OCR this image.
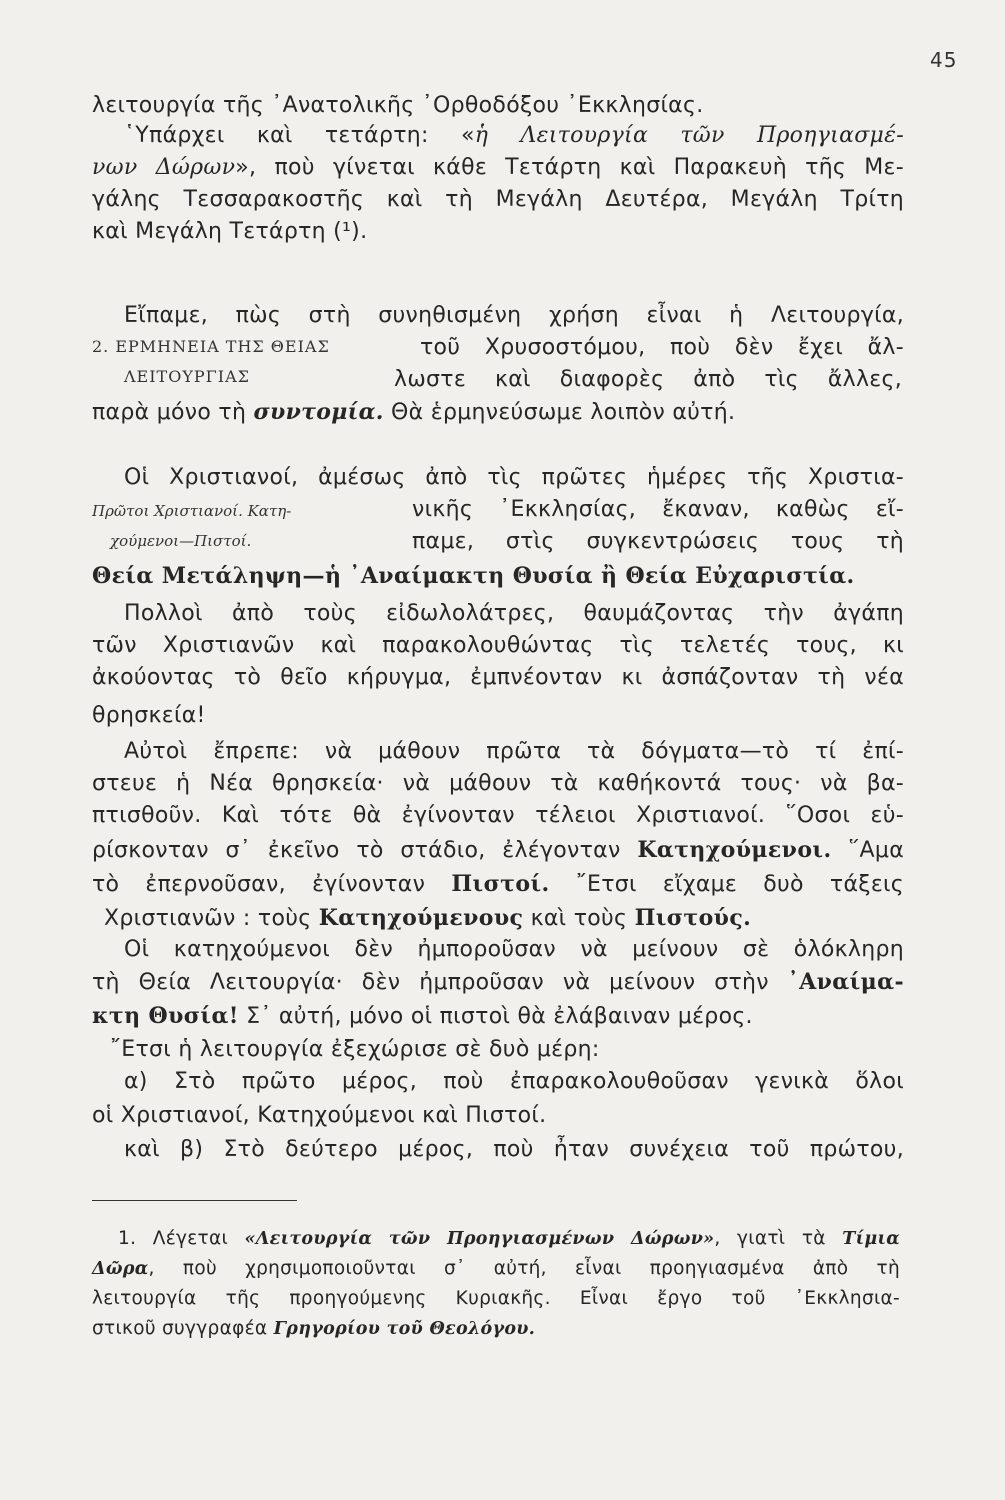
45
λειτουργία τῆς ᾿Ανατολικῆς ᾿Ορθοδόξου ᾿Εκκλησίας.
῾Υπάρχει καὶ τετάρτη: «ἡ Λειτουργία τῶν Προηγιασμέ-
νων Δώρων», ποὺ γίνεται κάθε Τετάρτη καὶ Παρακευὴ τῆς Με-
γάλης Τεσσαρακοστῆς καὶ τὴ Μεγάλη Δευτέρα, Μεγάλη Τρίτη
καὶ Μεγάλη Τετάρτη (¹).
Εἴπαμε, πὼς στὴ συνηθισμένη χρήση εἶναι ἡ Λειτουργία,
2. ΕΡΜΗΝΕΙΑ ΤΗΣ ΘΕΙΑΣ
ΛΕΙΤΟΥΡΓΙΑΣ
τοῦ Χρυσοστόμου, ποὺ δὲν ἔχει ἄλ-
λωστε καὶ διαφορὲς ἀπὸ τὶς ἄλλες,
παρὰ μόνο τὴ συντομία. Θὰ ἑρμηνεύσωμε λοιπὸν αὐτή.
Οἱ Χριστιανοί, ἀμέσως ἀπὸ τὶς πρῶτες ἡμέρες τῆς Χριστια-
Πρῶτοι Χριστιανοί. Κατη-
χούμενοι—Πιστοί.
νικῆς ᾿Εκκλησίας, ἔκαναν, καθὼς εἴ-
παμε, στὶς συγκεντρώσεις τους τὴ
Θεία Μετάληψη—ἡ ᾿Αναίμακτη Θυσία ἢ Θεία Εὐχαριστία.
Πολλοὶ ἀπὸ τοὺς εἰδωλολάτρες, θαυμάζοντας τὴν ἀγάπη
τῶν Χριστιανῶν καὶ παρακολουθώντας τὶς τελετές τους, κι
ἀκούοντας τὸ θεῖο κήρυγμα, ἐμπνέονταν κι ἀσπάζονταν τὴ νέα
θρησκεία!
Αὐτοὶ ἔπρεπε: νὰ μάθουν πρῶτα τὰ δόγματα—τὸ τί ἐπί-
στευε ἡ Νέα θρησκεία· νὰ μάθουν τὰ καθήκοντά τους· νὰ βα-
πτισθοῦν. Καὶ τότε θὰ ἐγίνονταν τέλειοι Χριστιανοί. ῞Οσοι εὑ-
ρίσκονταν σ᾿ ἐκεῖνο τὸ στάδιο, ἐλέγονταν Κατηχούμενοι. ῞Αμα
τὸ ἐπερνοῦσαν, ἐγίνονταν Πιστοί. ῎Ετσι εἴχαμε δυὸ τάξεις
Χριστιανῶν : τοὺς Κατηχούμενους καὶ τοὺς Πιστούς.
Οἱ κατηχούμενοι δὲν ἠμποροῦσαν νὰ μείνουν σὲ ὁλόκληρη
τὴ Θεία Λειτουργία· δὲν ἠμπροῦσαν νὰ μείνουν στὴν ᾿Αναίμα-
κτη Θυσία! Σ᾿ αὐτή, μόνο οἱ πιστοὶ θὰ ἐλάβαιναν μέρος.
῎Ετσι ἡ λειτουργία ἐξεχώρισε σὲ δυὸ μέρη:
α) Στὸ πρῶτο μέρος, ποὺ ἐπαρακολουθοῦσαν γενικὰ ὅλοι
οἱ Χριστιανοί, Κατηχούμενοι καὶ Πιστοί.
καὶ β) Στὸ δεύτερο μέρος, ποὺ ἦταν συνέχεια τοῦ πρώτου,
1. Λέγεται «Λειτουργία τῶν Προηγιασμένων Δώρων», γιατὶ τὰ Τίμια
Δῶρα, ποὺ χρησιμοποιοῦνται σ᾿ αὐτή, εἶναι προηγιασμένα ἀπὸ τὴ
λειτουργία τῆς προηγούμενης Κυριακῆς. Εἶναι ἔργο τοῦ ᾿Εκκλησια-
στικοῦ συγγραφέα Γρηγορίου τοῦ Θεολόγου.
